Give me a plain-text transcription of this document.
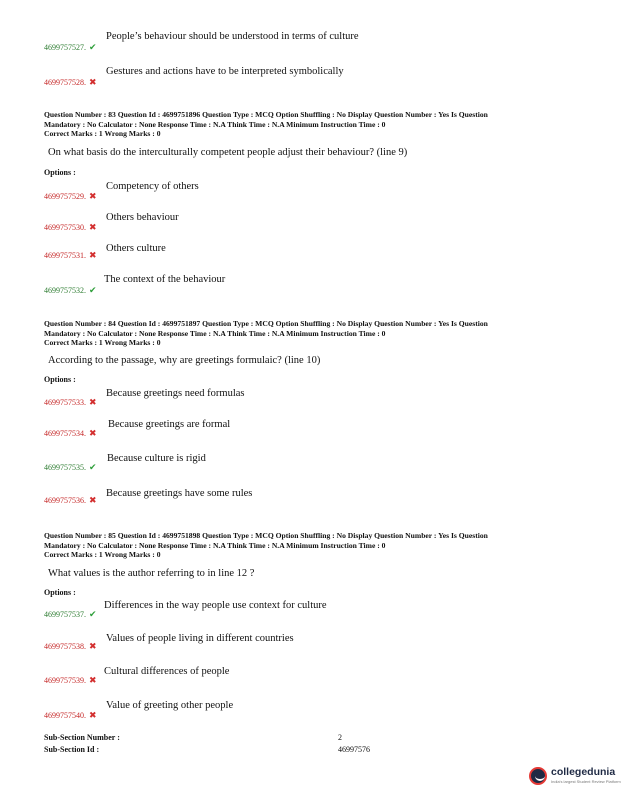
4699757527. ✔
People’s behaviour should be understood in terms of culture
4699757528. ✖
Gestures and actions have to be interpreted symbolically
Question Number : 83 Question Id : 4699751896 Question Type : MCQ Option Shuffling : No Display Question Number : Yes Is Question
Mandatory : No Calculator : None Response Time : N.A Think Time : N.A Minimum Instruction Time : 0
Correct Marks : 1 Wrong Marks : 0
On what basis do the interculturally competent people adjust their behaviour? (line 9)
Options :
4699757529. ✖
Competency of others
4699757530. ✖
Others behaviour
4699757531. ✖
Others culture
4699757532. ✔
The context of the behaviour
Question Number : 84 Question Id : 4699751897 Question Type : MCQ Option Shuffling : No Display Question Number : Yes Is Question
Mandatory : No Calculator : None Response Time : N.A Think Time : N.A Minimum Instruction Time : 0
Correct Marks : 1 Wrong Marks : 0
According to the passage, why are greetings formulaic? (line 10)
Options :
4699757533. ✖
Because greetings need formulas
4699757534. ✖
Because greetings are formal
4699757535. ✔
Because culture is rigid
4699757536. ✖
Because greetings have some rules
Question Number : 85 Question Id : 4699751898 Question Type : MCQ Option Shuffling : No Display Question Number : Yes Is Question
Mandatory : No Calculator : None Response Time : N.A Think Time : N.A Minimum Instruction Time : 0
Correct Marks : 1 Wrong Marks : 0
What values is the author referring to in line 12 ?
Options :
4699757537. ✔
Differences in the way people use context for culture
4699757538. ✖
Values of people living in different countries
4699757539. ✖
Cultural differences of people
4699757540. ✖
Value of greeting other people
Sub-Section Number :	2
Sub-Section Id :	46997576
collegedunia
India's largest Student Review Platform
